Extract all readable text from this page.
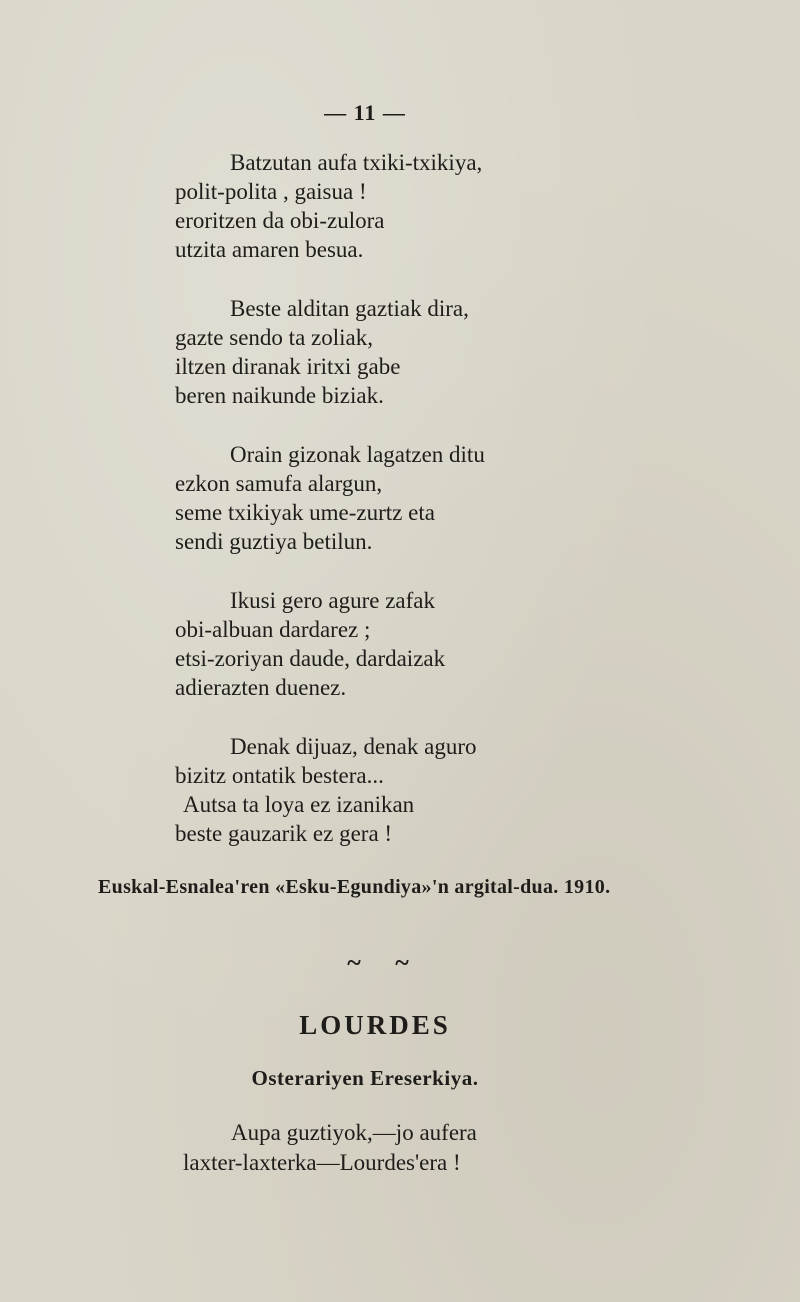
— 11 —
Batzutan aufa txiki-txikiya,
polit-polita , gaisua !
eroritzen da obi-zulora
utzita amaren besua.
Beste alditan gaztiak dira,
gazte sendo ta zoliak,
iltzen diranak iritxi gabe
beren naikunde biziak.
Orain gizonak lagatzen ditu
ezkon samufa alargun,
seme txikiyak ume-zurtz eta
sendi guztiya betilun.
Ikusi gero agure zafak
obi-albuan dardarez ;
etsi-zoriyan daude, dardaizak
adierazten duenez.
Denak dijuaz, denak aguro
bizitz ontatik bestera...
Autsa ta loya ez izanikan
beste gauzarik ez gera !
Euskal-Esnalea'ren «Esku-Egundiya»'n argital-dua. 1910.
~ ~
LOURDES
Osterariyen Ereserkiya.
Aupa guztiyok,—jo aufera
laxter-laxterka—Lourdes'era !
